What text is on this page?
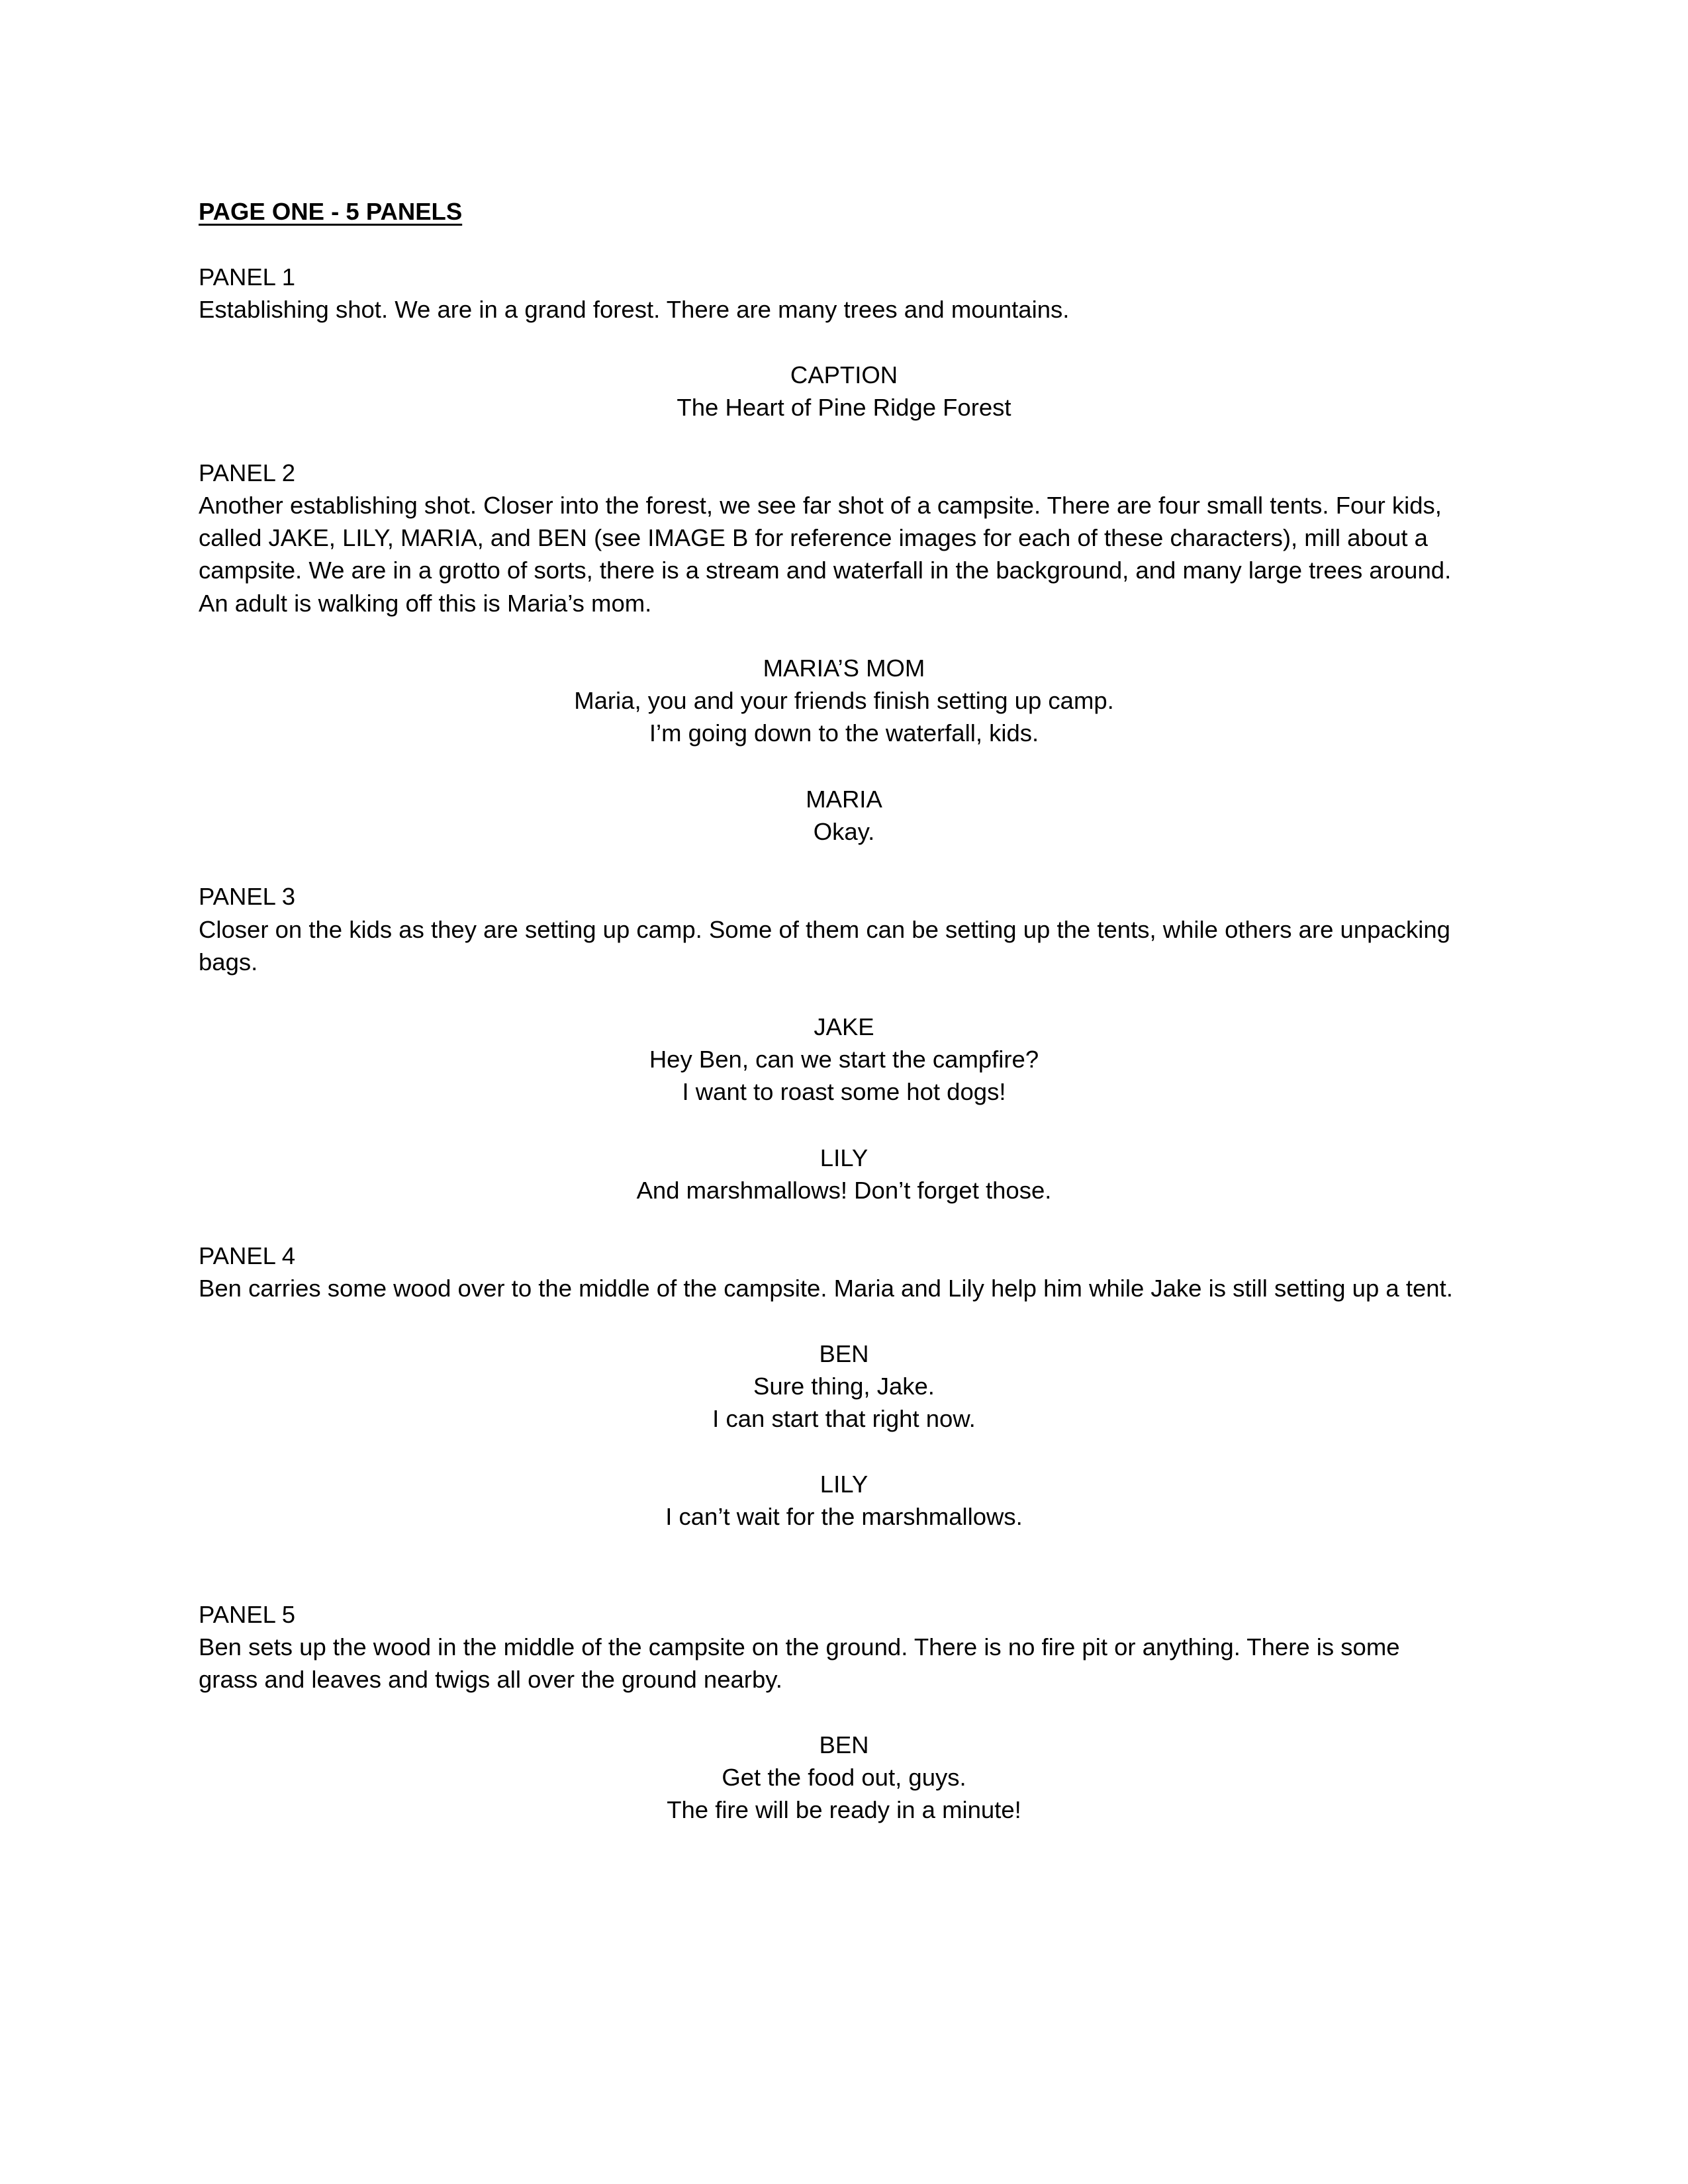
PAGE ONE - 5 PANELS
PANEL 1
Establishing shot. We are in a grand forest. There are many trees and mountains.
CAPTION
The Heart of Pine Ridge Forest
PANEL 2
Another establishing shot. Closer into the forest, we see far shot of a campsite. There are four small tents. Four kids,
called JAKE, LILY, MARIA, and BEN (see IMAGE B for reference images for each of these characters), mill about a
campsite. We are in a grotto of sorts, there is a stream and waterfall in the background, and many large trees around.
An adult is walking off this is Maria’s mom.
MARIA’S MOM
Maria, you and your friends finish setting up camp.
I’m going down to the waterfall, kids.
MARIA
Okay.
PANEL 3
Closer on the kids as they are setting up camp. Some of them can be setting up the tents, while others are unpacking
bags.
JAKE
Hey Ben, can we start the campfire?
I want to roast some hot dogs!
LILY
And marshmallows! Don’t forget those.
PANEL 4
Ben carries some wood over to the middle of the campsite. Maria and Lily help him while Jake is still setting up a tent.
BEN
Sure thing, Jake.
I can start that right now.
LILY
I can’t wait for the marshmallows.
PANEL 5
Ben sets up the wood in the middle of the campsite on the ground. There is no fire pit or anything. There is some
grass and leaves and twigs all over the ground nearby.
BEN
Get the food out, guys.
The fire will be ready in a minute!
